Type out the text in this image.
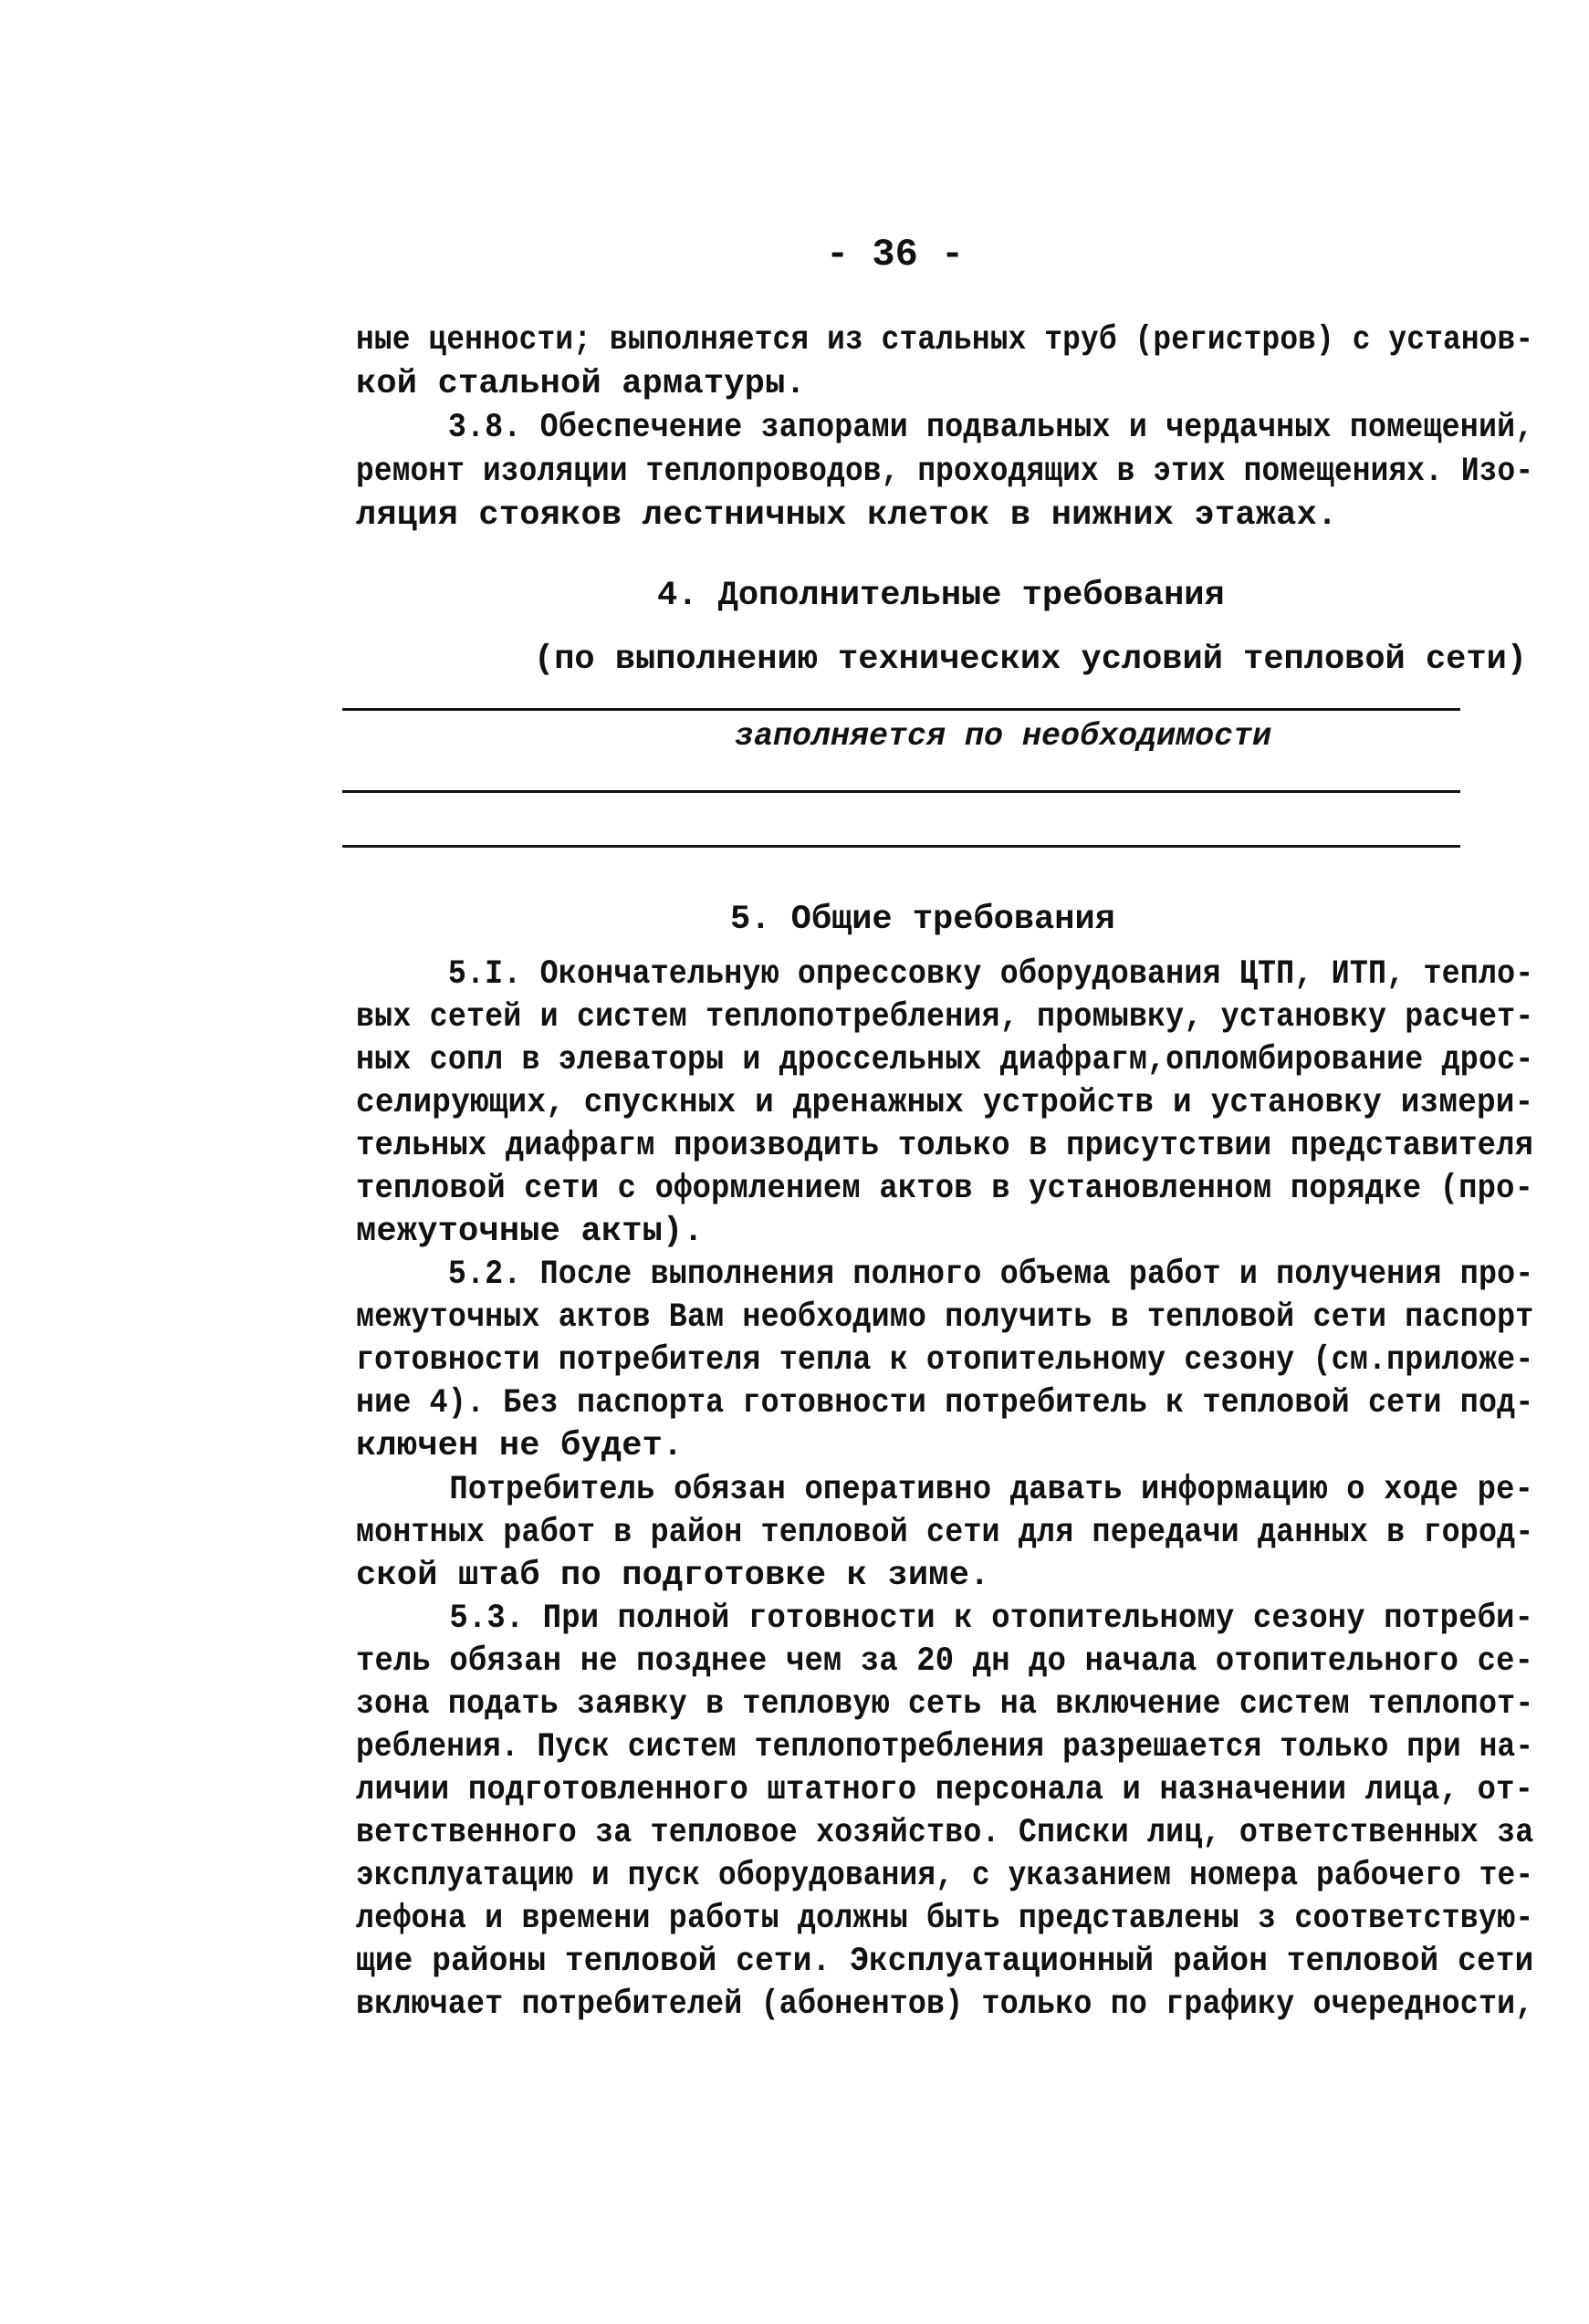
- 36 -
ные ценности; выполняется из стальных труб (регистров) с установ-
кой стальной арматуры.
3.8. Обеспечение запорами подвальных и чердачных помещений,
ремонт изоляции теплопроводов, проходящих в этих помещениях. Изо-
ляция стояков лестничных клеток в нижних этажах.
4. Дополнительные требования
(по выполнению технических условий тепловой сети)
заполняется по необходимости
5. Общие требования
5.I. Окончательную опрессовку оборудования ЦТП, ИТП, тепло-
вых сетей и систем теплопотребления, промывку, установку расчет-
ных сопл в элеваторы и дроссельных диафрагм,опломбирование дрос-
селирующих, спускных и дренажных устройств и установку измери-
тельных диафрагм производить только в присутствии представителя
тепловой сети с оформлением актов в установленном порядке (про-
межуточные акты).
5.2. После выполнения полного объема работ и получения про-
межуточных актов Вам необходимо получить в тепловой сети паспорт
готовности потребителя тепла к отопительному сезону (см.приложе-
ние 4). Без паспорта готовности потребитель к тепловой сети под-
ключен не будет.
Потребитель обязан оперативно давать информацию о ходе ре-
монтных работ в район тепловой сети для передачи данных в город-
ской штаб по подготовке к зиме.
5.3. При полной готовности к отопительному сезону потреби-
тель обязан не позднее чем за 20 дн до начала отопительного се-
зона подать заявку в тепловую сеть на включение систем теплопот-
ребления. Пуск систем теплопотребления разрешается только при на-
личии подготовленного штатного персонала и назначении лица, от-
ветственного за тепловое хозяйство. Списки лиц, ответственных за
эксплуатацию и пуск оборудования, с указанием номера рабочего те-
лефона и времени работы должны быть представлены з соответствую-
щие районы тепловой сети. Эксплуатационный район тепловой сети
включает потребителей (абонентов) только по графику очередности,
